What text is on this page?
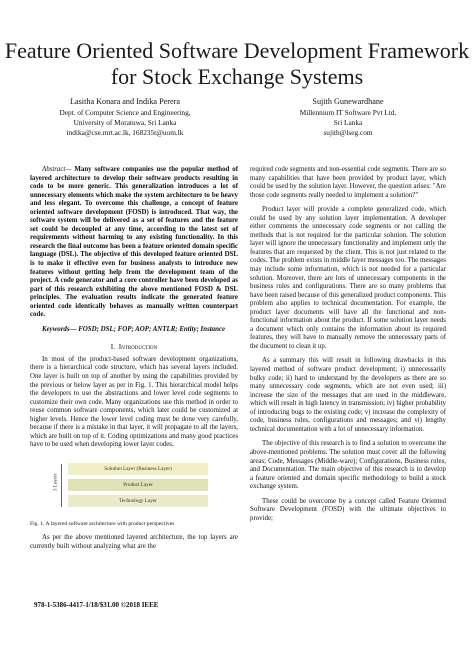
Feature Oriented Software Development Framework
for Stock Exchange Systems
Lasitha Konara and Indika Perera
Dept. of Computer Science and Engineering,
University of Moratuwa, Sri Lanka
indika@cse.mrt.ac.lk, 168235t@uom.lk
Sujith Gunewardhane
Millennium IT Software Pvt Ltd,
Sri Lanka
sujith@lseg.com

Abstract— Many software companies use the popular method of layered architecture to develop their software products resulting in code to be more generic. This generalization introduces a lot of unnecessary elements which make the system architecture to be heavy and less elegant. To overcome this challenge, a concept of feature oriented software development (FOSD) is introduced. That way, the software system will be delivered as a set of features and the feature set could be decoupled at any time, according to the latest set of requirements without harming to any existing functionality. In this research the final outcome has been a feature oriented domain specific language (DSL). The objective of this developed feature oriented DSL is to make it effective even for business analysts to introduce new features without getting help from the development team of the project. A code generator and a core controller have been developed as part of this research exhibiting the above mentioned FOSD & DSL principles. The evaluation results indicate the generated feature oriented code identically behaves as manually written counterpart code.

Keywords— FOSD; DSL; FOP; AOP; ANTLR; Entity; Instance

I. Introduction

In most of the product-based software development organizations, there is a hierarchical code structure, which has several layers included. One layer is built on top of another by using the capabilities provided by the previous or below layer as per in Fig. 1. This hierarchical model helps the developers to use the abstractions and lower level code segments to customize their own code. Many organizations use this method in order to reuse common software components, which later could be customized at higher levels. Hence the lower level coding must be done very carefully, because if there is a mistake in that layer, it will propagate to all the layers, which are built on top of it. Coding optimizations and many good practices have to be used when developing lower layer codes.

3 Layers
Solution Layer (Business Layer)
Product Layer
Technology Layer
Fig. 1. A layered software architecture with product perspectives

As per the above mentioned layered architecture, the top layers are currently built without analyzing what are the

required code segments and non-essential code segments. There are so many capabilities that have been provided by product layer, which could be used by the solution layer. However, the question arises: "Are those code segments really needed to implement a solution?"

Product layer will provide a complete generalized code, which could be used by any solution layer implementation. A developer either comments the unnecessary code segments or not calling the methods that is not required for the particular solution. The solution layer will ignore the unnecessary functionality and implement only the features that are requested by the client. This is not just related to the codes. The problem exists in middle layer messages too. The messages may include some information, which is not needed for a particular solution. Moreover, there are lots of unnecessary components in the business rules and configurations. There are so many problems that have been raised because of this generalized product components. This problem also applies to technical documentation. For example, the product layer documents will have all the functional and non-functional information about the product. If some solution layer needs a document which only contains the information about its required features, they will have to manually remove the unnecessary parts of the document to clean it up.

As a summary this will result in following drawbacks in this layered method of software product development; i) unnecessarily bulky code; ii) hard to understand by the developers as there are so many unnecessary code segments, which are not even used; iii) increase the size of the messages that are used in the middleware, which will result in high latency in transmission; iv) higher probability of introducing bugs to the existing code; v) increase the complexity of code, business rules, configurations and messages; and vi) lengthy technical documentation with a lot of unnecessary information.

The objective of this research is to find a solution to overcome the above-mentioned problems. The solution must cover all the following areas; Code, Messages (Middle-ware); Configurations, Business rules, and Documentation. The main objective of this research is to develop a feature oriented and domain specific methodology to build a stock exchange system.

These could be overcome by a concept called Feature Oriented Software Development (FOSD) with the ultimate objectives to provide;

978-1-5386-4417-1/18/$31.00 ©2018 IEEE
